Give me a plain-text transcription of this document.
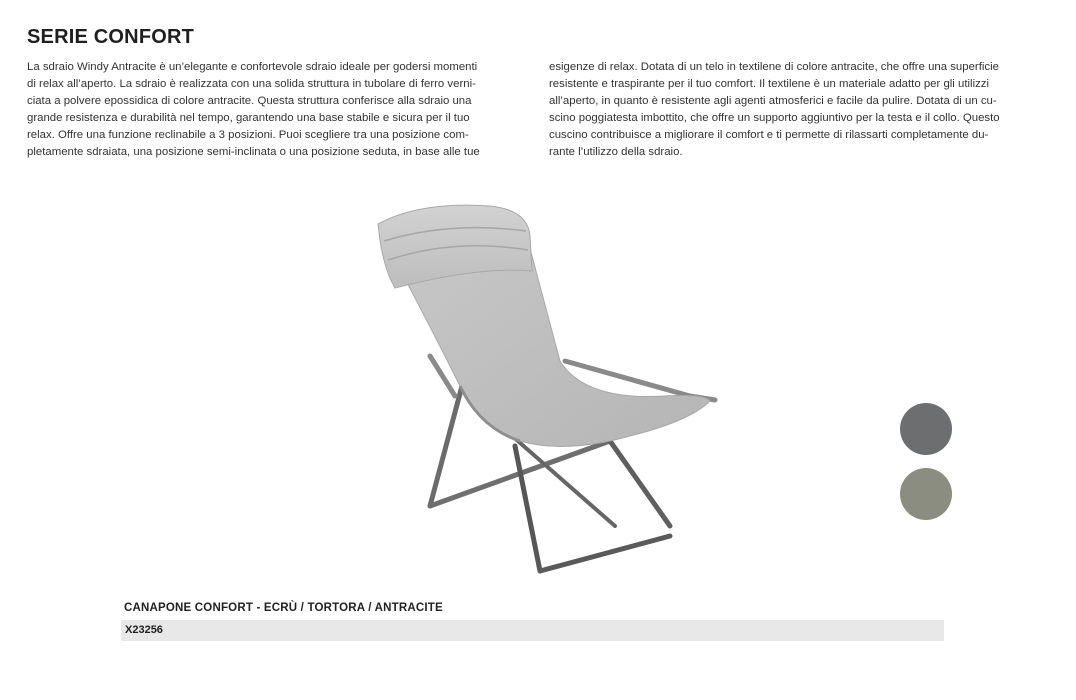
SERIE CONFORT
La sdraio Windy Antracite è un’elegante e confortevole sdraio ideale per godersi momenti
di relax all’aperto. La sdraio è realizzata con una solida struttura in tubolare di ferro verni-
ciata a polvere epossidica di colore antracite. Questa struttura conferisce alla sdraio una
grande resistenza e durabilità nel tempo, garantendo una base stabile e sicura per il tuo
relax. Offre una funzione reclinabile a 3 posizioni. Puoi scegliere tra una posizione com-
pletamente sdraiata, una posizione semi-inclinata o una posizione seduta, in base alle tue
esigenze di relax. Dotata di un telo in textilene di colore antracite, che offre una superficie
resistente e traspirante per il tuo comfort. Il textilene è un materiale adatto per gli utilizzi
all’aperto, in quanto è resistente agli agenti atmosferici e facile da pulire. Dotata di un cu-
scino poggiatesta imbottito, che offre un supporto aggiuntivo per la testa e il collo. Questo
cuscino contribuisce a migliorare il comfort e ti permette di rilassarti completamente du-
rante l’utilizzo della sdraio.
CANAPONE CONFORT - ECRÙ / TORTORA / ANTRACITE
X23256
